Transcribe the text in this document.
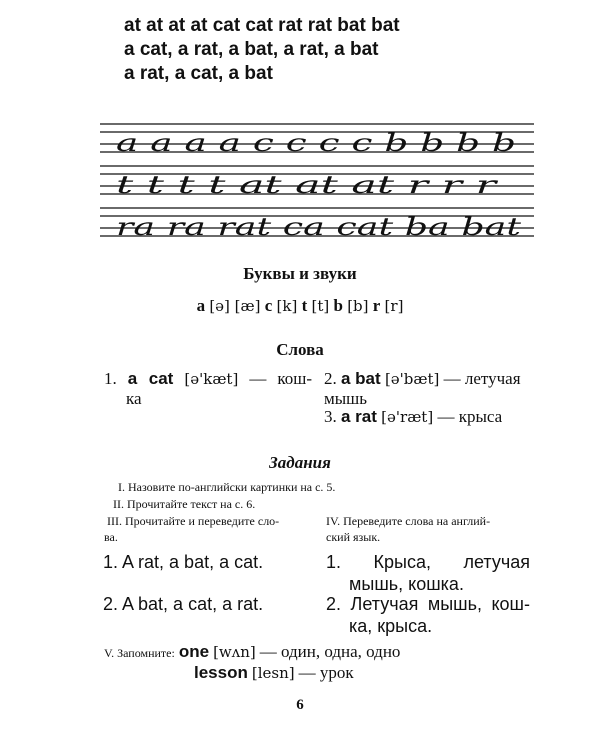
at at at at cat cat rat rat bat bat
a cat, a rat, a bat, a rat, a bat
a rat, a cat, a bat
a a a a c c c c b b b b
t t t t at at at r r r
ra ra rat ca cat ba bat
Буквы и звуки
a [ə] [æ] c [k] t [t] b [b] r [r]
Слова
1. a cat [ə'kæt] — кош-
ка
2. a bat [ə'bæt] — летучая мышь
3. a rat [ə'ræt] — крыса
Задания
I. Назовите по-английски картинки на с. 5.
II. Прочитайте текст на с. 6.
III. Прочитайте и переведите сло-
ва.
IV. Переведите слова на англий-
ский язык.
1. A rat, a bat, a cat.
2. A bat, a cat, a rat.
1. Крыса, летучая
мышь, кошка.
2. Летучая мышь, кош-
ка, крыса.
V. Запомните: one [wʌn] — один, одна, одно
lesson [lesn] — урок
6
